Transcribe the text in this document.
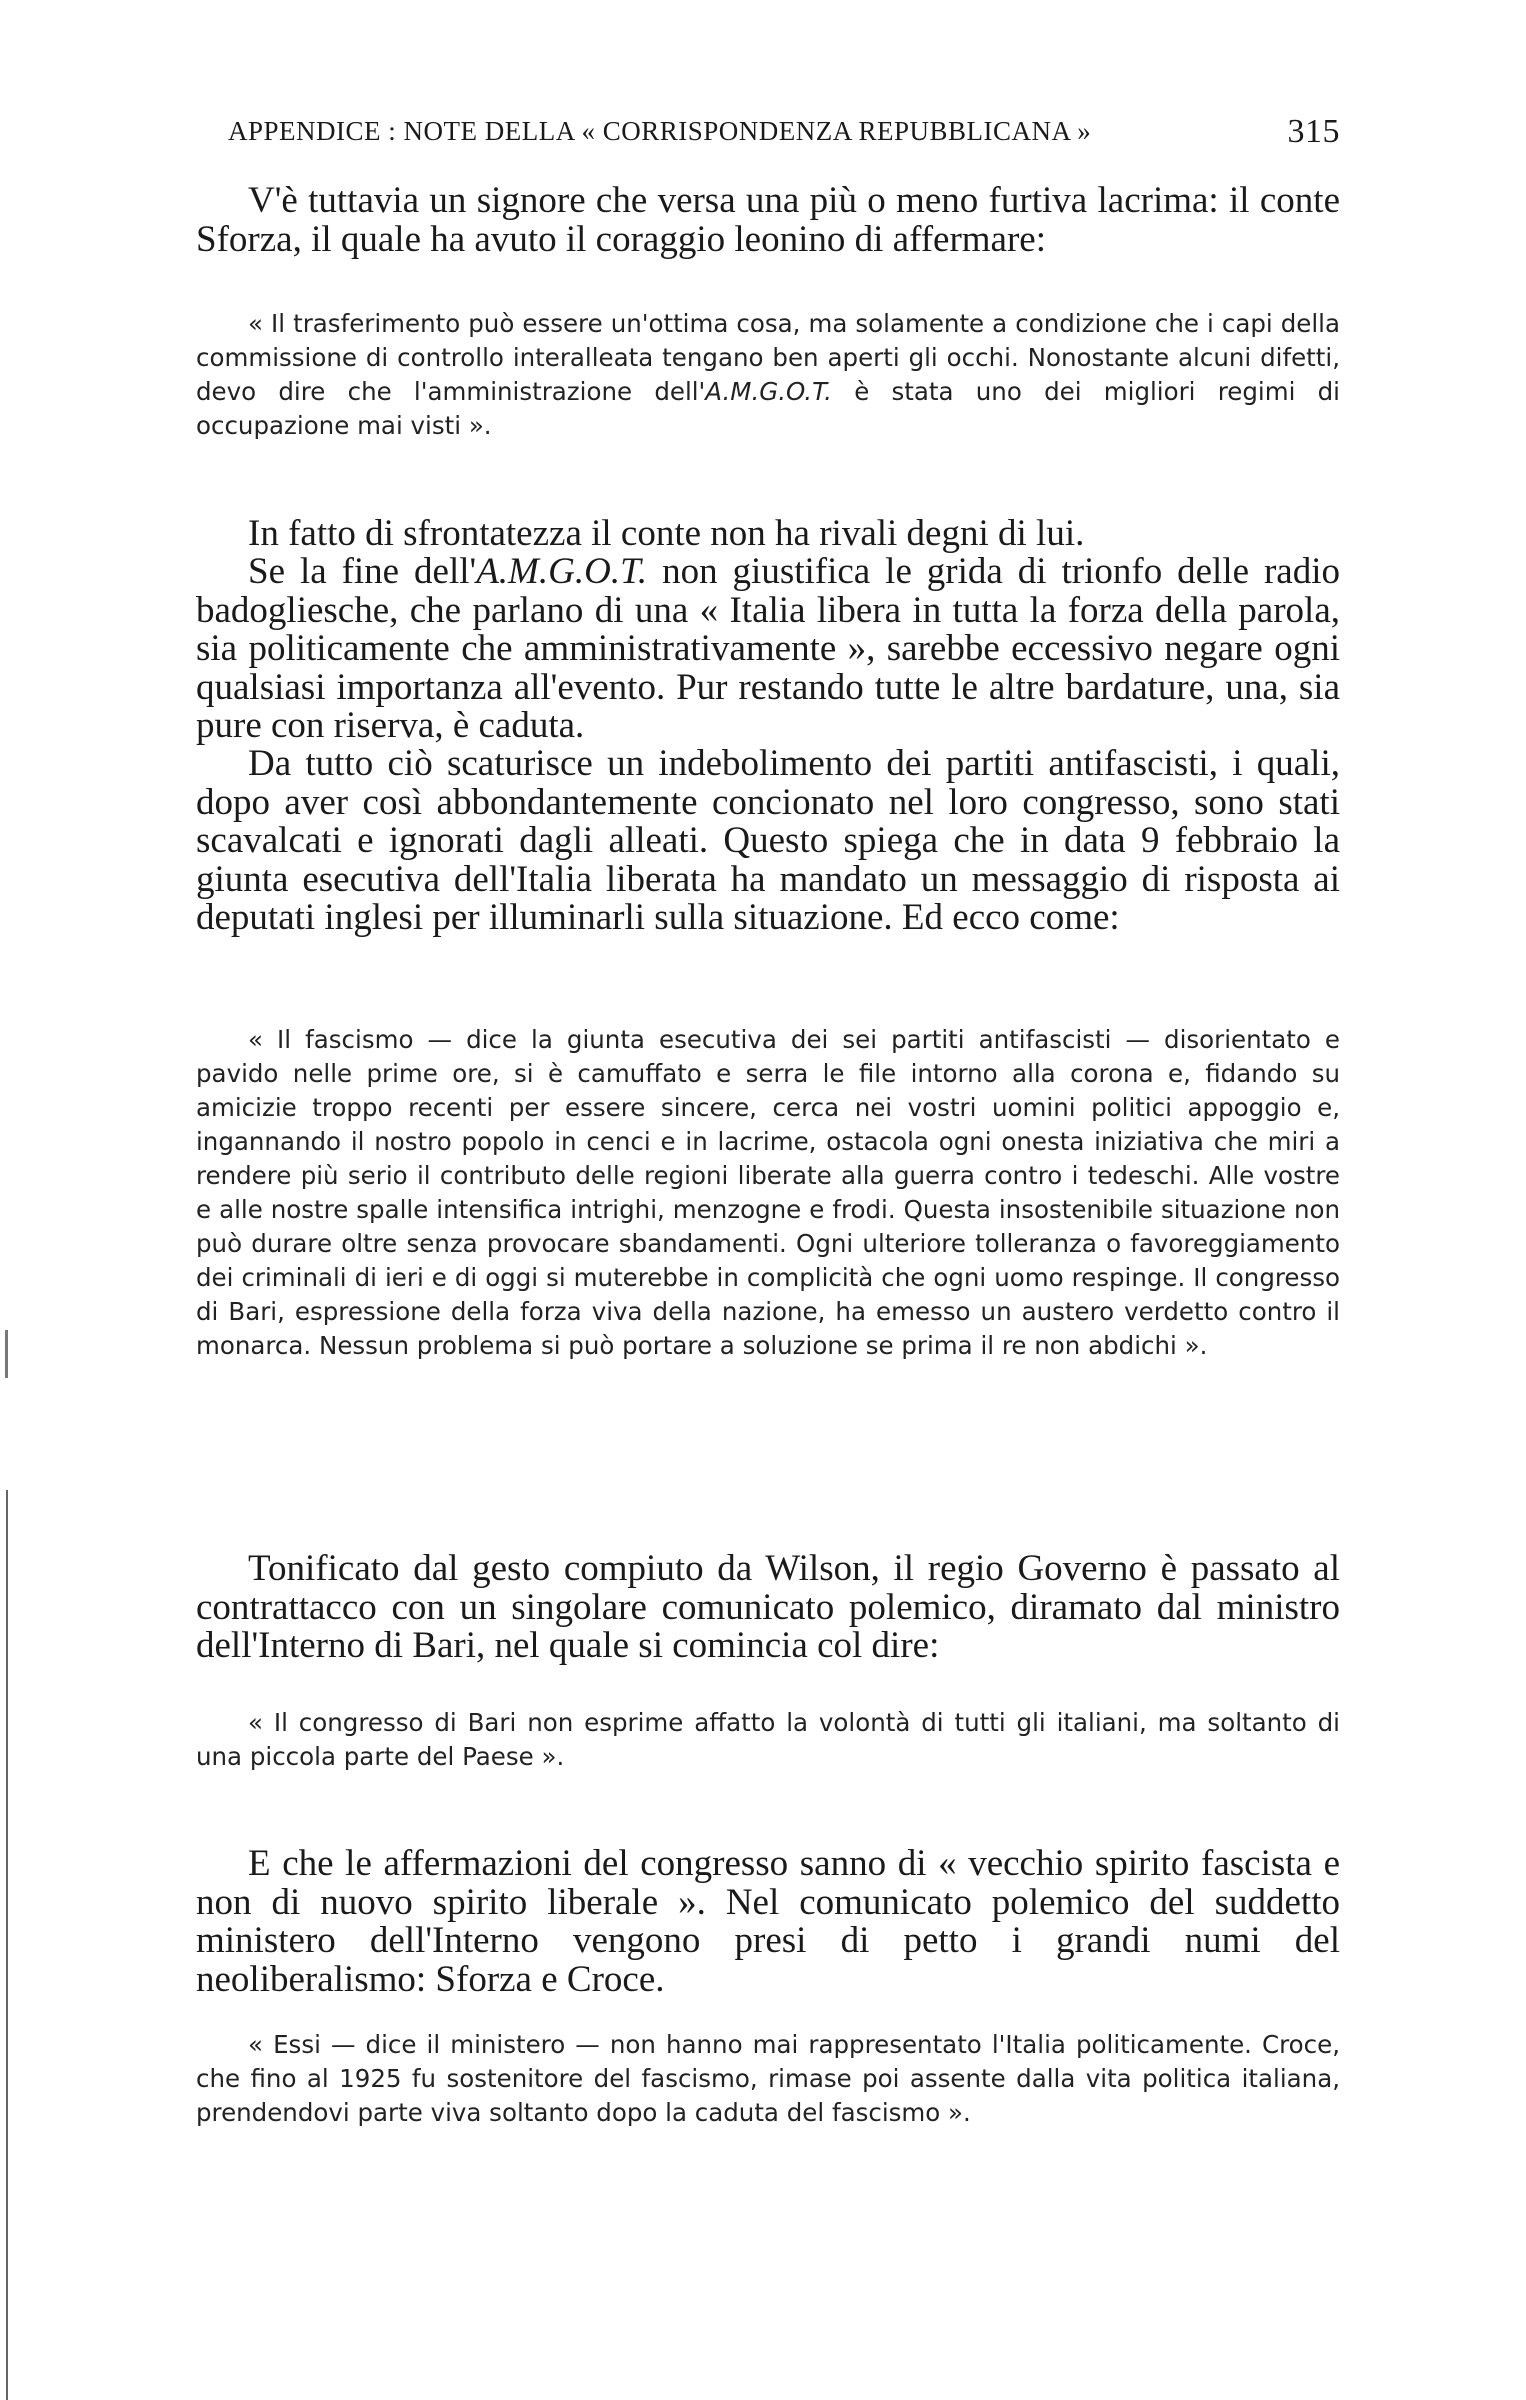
APPENDICE : NOTE DELLA « CORRISPONDENZA REPUBBLICANA »	315

V'è tuttavia un signore che versa una più o meno furtiva lacrima: il conte Sforza, il quale ha avuto il coraggio leonino di affermare:

« Il trasferimento può essere un'ottima cosa, ma solamente a condizione che i capi della commissione di controllo interalleata tengano ben aperti gli occhi. Nonostante alcuni difetti, devo dire che l'amministrazione dell'A.M.G.O.T. è stata uno dei migliori regimi di occupazione mai visti ».

In fatto di sfrontatezza il conte non ha rivali degni di lui.

Se la fine dell'A.M.G.O.T. non giustifica le grida di trionfo delle radio badogliesche, che parlano di una « Italia libera in tutta la forza della parola, sia politicamente che amministrativamente », sarebbe eccessivo negare ogni qualsiasi importanza all'evento. Pur restando tutte le altre bardature, una, sia pure con riserva, è caduta.

Da tutto ciò scaturisce un indebolimento dei partiti antifascisti, i quali, dopo aver così abbondantemente concionato nel loro congresso, sono stati scavalcati e ignorati dagli alleati. Questo spiega che in data 9 febbraio la giunta esecutiva dell'Italia liberata ha mandato un messaggio di risposta ai deputati inglesi per illuminarli sulla situazione. Ed ecco come:

« Il fascismo — dice la giunta esecutiva dei sei partiti antifascisti — disorientato e pavido nelle prime ore, si è camuffato e serra le file intorno alla corona e, fidando su amicizie troppo recenti per essere sincere, cerca nei vostri uomini politici appoggio e, ingannando il nostro popolo in cenci e in lacrime, ostacola ogni onesta iniziativa che miri a rendere più serio il contributo delle regioni liberate alla guerra contro i tedeschi. Alle vostre e alle nostre spalle intensifica intrighi, menzogne e frodi. Questa insostenibile situazione non può durare oltre senza provocare sbandamenti. Ogni ulteriore tolleranza o favoreggiamento dei criminali di ieri e di oggi si muterebbe in complicità che ogni uomo respinge. Il congresso di Bari, espressione della forza viva della nazione, ha emesso un austero verdetto contro il monarca. Nessun problema si può portare a soluzione se prima il re non abdichi ».

Tonificato dal gesto compiuto da Wilson, il regio Governo è passato al contrattacco con un singolare comunicato polemico, diramato dal ministro dell'Interno di Bari, nel quale si comincia col dire:

« Il congresso di Bari non esprime affatto la volontà di tutti gli italiani, ma soltanto di una piccola parte del Paese ».

E che le affermazioni del congresso sanno di « vecchio spirito fascista e non di nuovo spirito liberale ». Nel comunicato polemico del suddetto ministero dell'Interno vengono presi di petto i grandi numi del neoliberalismo: Sforza e Croce.

« Essi — dice il ministero — non hanno mai rappresentato l'Italia politicamente. Croce, che fino al 1925 fu sostenitore del fascismo, rimase poi assente dalla vita politica italiana, prendendovi parte viva soltanto dopo la caduta del fascismo ».
